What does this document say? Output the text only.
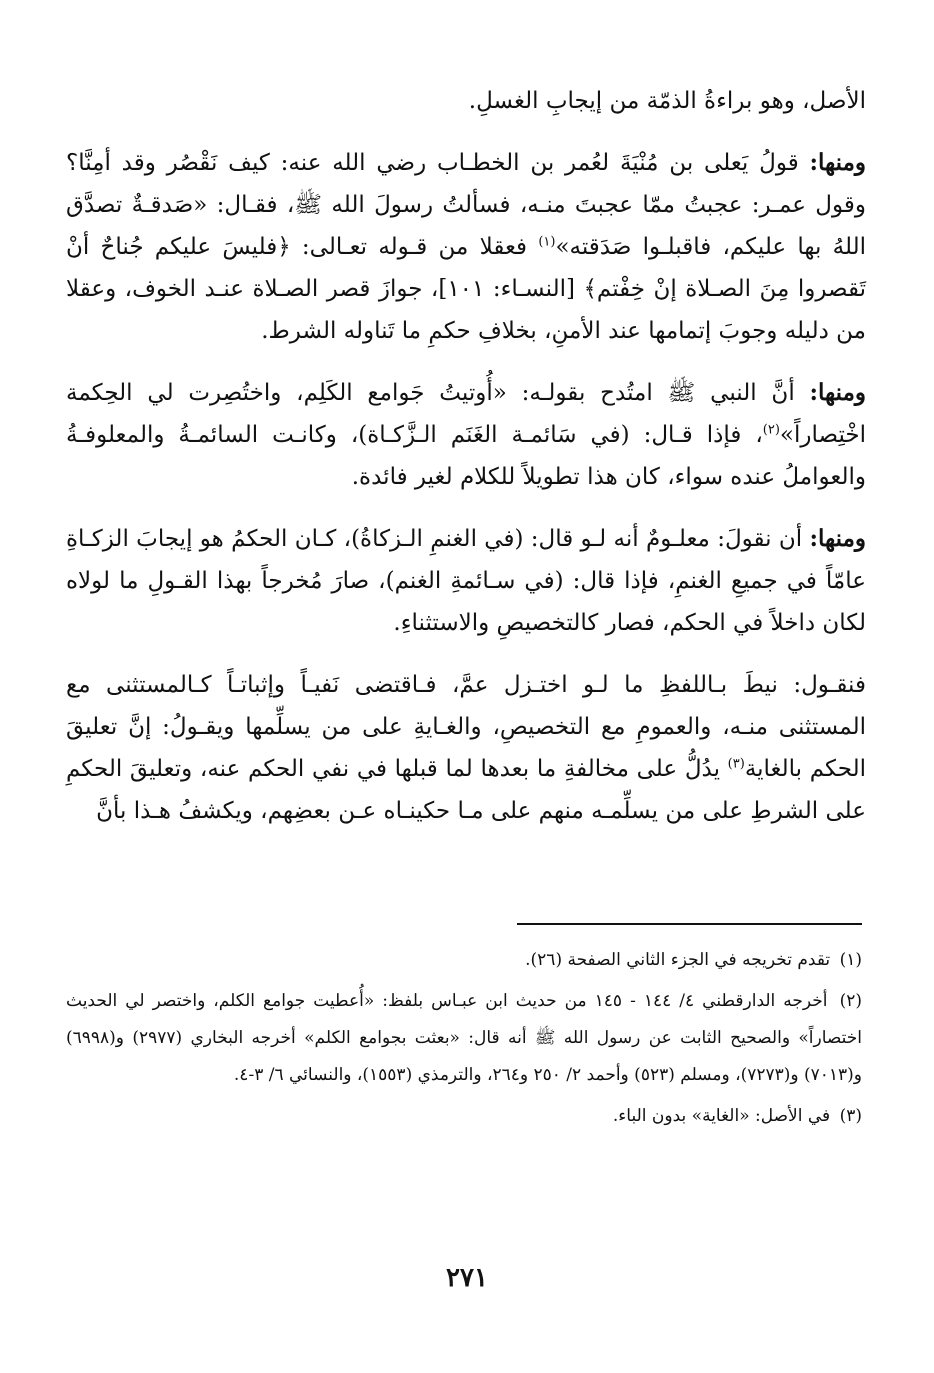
الأصل، وهو براءةُ الذمّة من إيجابِ الغسلِ.

ومنها: قولُ يَعلى بن مُنْيَةَ لعُمر بن الخطـاب رضي الله عنه: كيف نَقْصُر وقد أمِنَّا؟ وقول عمـر: عجبتُ ممّا عجبتَ منـه، فسألتُ رسولَ الله ﷺ، فقـال: «صَدقـةٌ تصدَّق اللهُ بها عليكم، فاقبلـوا صَدَقته»$^{(١)}$ فعقلا من قـوله تعـالى: ﴿فليسَ عليكم جُناحٌ أنْ تَقصروا مِنَ الصـلاة إنْ خِفْتم﴾ [النسـاء: ١٠١]، جوازَ قصر الصـلاة عنـد الخوف، وعقلا من دليله وجوبَ إتمامها عند الأمنِ، بخلافِ حكمِ ما تَناوله الشرط.

ومنها: أنَّ النبي ﷺ امتُدح بقولـه: «أُوتيتُ جَوامع الكَلِم، واختُصِرت لي الحِكمة اخْتِصاراً»$^{(٢)}$، فإذا قـال: (في سَائمـة الغَنَم الـزَّكـاة)، وكانـت السائمـةُ والمعلوفـةُ والعواملُ عنده سواء، كان هذا تطويلاً للكلام لغير فائدة.

ومنها: أن نقولَ: معلـومٌ أنه لـو قال: (في الغنمِ الـزكاةُ)، كـان الحكمُ هو إيجابَ الزكـاةِ عامّاً في جميعِ الغنمِ، فإذا قال: (في سـائمةِ الغنم)، صارَ مُخرجاً بهذا القـولِ ما لولاه لكان داخلاً في الحكم، فصار كالتخصيصِ والاستثناءِ.

فنقـول: نيطَ بـاللفظِ ما لـو اختـزل عمَّ، فـاقتضى نَفيـاً وإثباتـاً كـالمستثنى مع المستثنى منـه، والعمومِ مع التخصيصِ، والغـايةِ على من يسلِّمها ويقـولُ: إنَّ تعليقَ الحكم بالغاية$^{(٣)}$ يدُلُّ على مخالفةِ ما بعدها لما قبلها في نفي الحكم عنه، وتعليقَ الحكمِ على الشرطِ على من يسلِّمـه منهم على مـا حكينـاه عـن بعضِهم، ويكشفُ هـذا بأنَّ

(١) تقدم تخريجه في الجزء الثاني الصفحة (٢٦).

(٢) أخرجه الدارقطني ٤/ ١٤٤ - ١٤٥ من حديث ابن عبـاس بلفظ: «أُعطيت جوامع الكلم، واختصر لي الحديث اختصاراً» والصحيح الثابت عن رسول الله ﷺ أنه قال: «بعثت بجوامع الكلم» أخرجه البخاري (٢٩٧٧) و(٦٩٩٨) و(٧٠١٣) و(٧٢٧٣)، ومسلم (٥٢٣) وأحمد ٢/ ٢٥٠ و٢٦٤، والترمذي (١٥٥٣)، والنسائي ٦/ ٣-٤.

(٣) في الأصل: «الغاية» بدون الباء.

٢٧١
